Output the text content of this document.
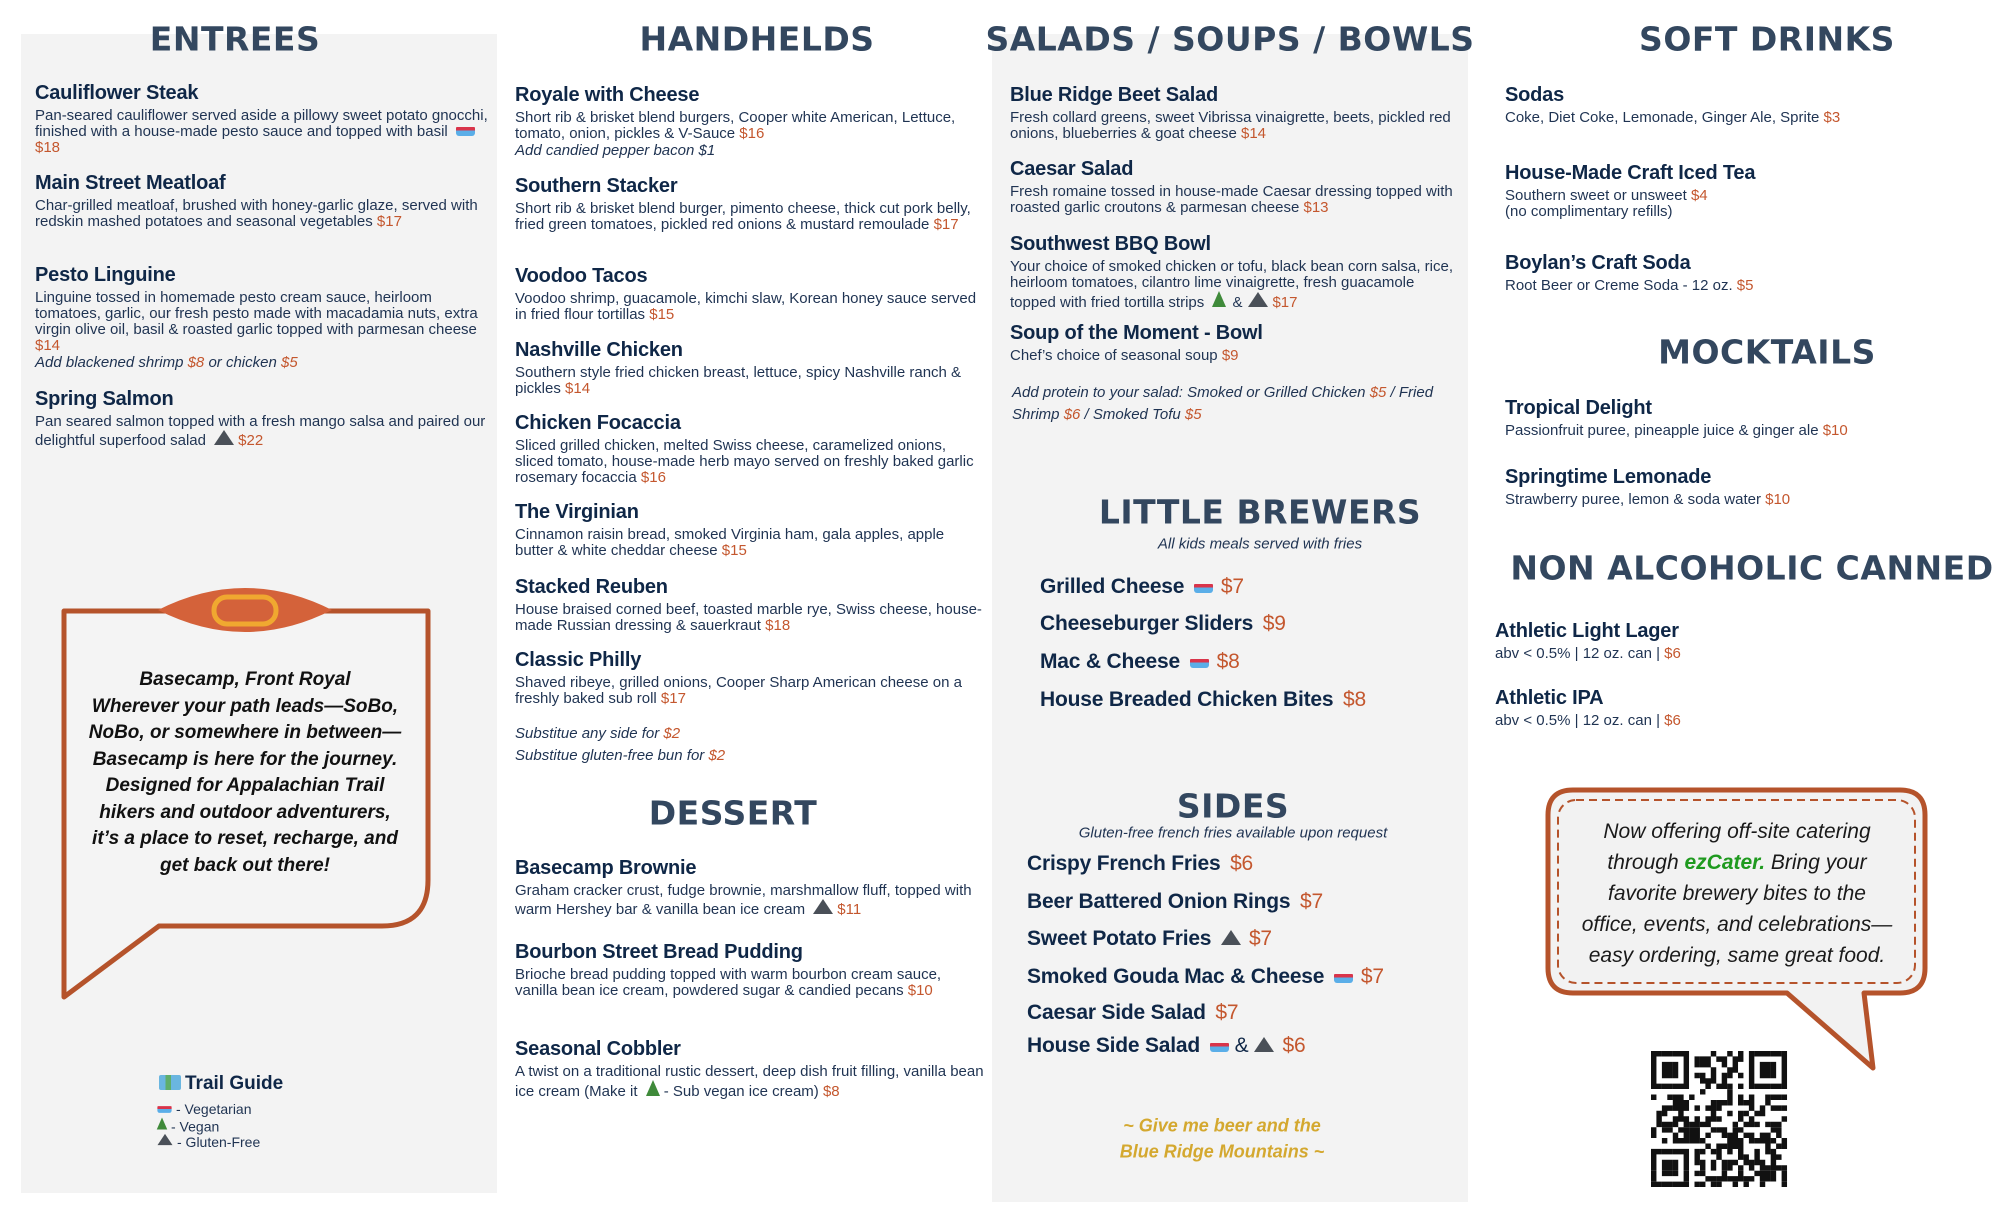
ENTREES
Cauliflower Steak
Pan-seared cauliflower served aside a pillowy sweet potato gnocchi, finished with a house-made pesto sauce and topped with basil $18
Main Street Meatloaf
Char-grilled meatloaf, brushed with honey-garlic glaze, served with redskin mashed potatoes and seasonal vegetables $17
Pesto Linguine
Linguine tossed in homemade pesto cream sauce, heirloom tomatoes, garlic, our fresh pesto made with macadamia nuts, extra virgin olive oil, basil & roasted garlic topped with parmesan cheese $14
Add blackened shrimp $8 or chicken $5
Spring Salmon
Pan seared salmon topped with a fresh mango salsa and paired our delightful superfood salad $22
HANDHELDS
Royale with Cheese
Short rib & brisket blend burgers, Cooper white American, Lettuce, tomato, onion, pickles & V-Sauce $16
Add candied pepper bacon $1
Southern Stacker
Short rib & brisket blend burger, pimento cheese, thick cut pork belly, fried green tomatoes, pickled red onions & mustard remoulade $17
Voodoo Tacos
Voodoo shrimp, guacamole, kimchi slaw, Korean honey sauce served in fried flour tortillas $15
Nashville Chicken
Southern style fried chicken breast, lettuce, spicy Nashville ranch & pickles $14
Chicken Focaccia
Sliced grilled chicken, melted Swiss cheese, caramelized onions, sliced tomato, house-made herb mayo served on freshly baked garlic rosemary focaccia $16
The Virginian
Cinnamon raisin bread, smoked Virginia ham, gala apples, apple butter & white cheddar cheese $15
Stacked Reuben
House braised corned beef, toasted marble rye, Swiss cheese, house-made Russian dressing & sauerkraut $18
Classic Philly
Shaved ribeye, grilled onions, Cooper Sharp American cheese on a freshly baked sub roll $17
DESSERT
Basecamp Brownie
Graham cracker crust, fudge brownie, marshmallow fluff, topped with warm Hershey bar & vanilla bean ice cream $11
Bourbon Street Bread Pudding
Brioche bread pudding topped with warm bourbon cream sauce, vanilla bean ice cream, powdered sugar & candied pecans $10
Seasonal Cobbler
A twist on a traditional rustic dessert, deep dish fruit filling, vanilla bean ice cream (Make it - Sub vegan ice cream) $8
SALADS / SOUPS / BOWLS
Blue Ridge Beet Salad
Fresh collard greens, sweet Vibrissa vinaigrette, beets, pickled red onions, blueberries & goat cheese $14
Caesar Salad
Fresh romaine tossed in house-made Caesar dressing topped with roasted garlic croutons & parmesan cheese $13
Southwest BBQ Bowl
Your choice of smoked chicken or tofu, black bean corn salsa, rice, heirloom tomatoes, cilantro lime vinaigrette, fresh guacamole topped with fried tortilla strips & $17
Soup of the Moment - Bowl
Chef’s choice of seasonal soup $9
SOFT DRINKS
Sodas
Coke, Diet Coke, Lemonade, Ginger Ale, Sprite $3
House-Made Craft Iced Tea
Southern sweet or unsweet $4
(no complimentary refills)
Boylan’s Craft Soda
Root Beer or Creme Soda - 12 oz. $5
MOCKTAILS
Tropical Delight
Passionfruit puree, pineapple juice & ginger ale $10
Springtime Lemonade
Strawberry puree, lemon & soda water $10
NON ALCOHOLIC CANNED
Athletic Light Lager
abv < 0.5% | 12 oz. can | $6
Athletic IPA
abv < 0.5% | 12 oz. can | $6
Substitue any side for $2
Substitue gluten-free bun for $2
Add protein to your salad: Smoked or Grilled Chicken $5 / Fried Shrimp $6 / Smoked Tofu $5
LITTLE BREWERS
All kids meals served with fries
Grilled Cheese $7
Cheeseburger Sliders $9
Mac & Cheese $8
House Breaded Chicken Bites $8
SIDES
Gluten-free french fries available upon request
Crispy French Fries $6
Beer Battered Onion Rings $7
Sweet Potato Fries $7
Smoked Gouda Mac & Cheese $7
Caesar Side Salad $7
House Side Salad & $6
Basecamp, Front Royal
Wherever your path leads—SoBo,
NoBo, or somewhere in between—
Basecamp is here for the journey.
Designed for Appalachian Trail
hikers and outdoor adventurers,
it’s a place to reset, recharge, and
get back out there!
Trail Guide
- Vegetarian
- Vegan
- Gluten-Free
~ Give me beer and the
Blue Ridge Mountains ~
Now offering off-site catering
through ezCater. Bring your
favorite brewery bites to the
office, events, and celebrations—
easy ordering, same great food.
